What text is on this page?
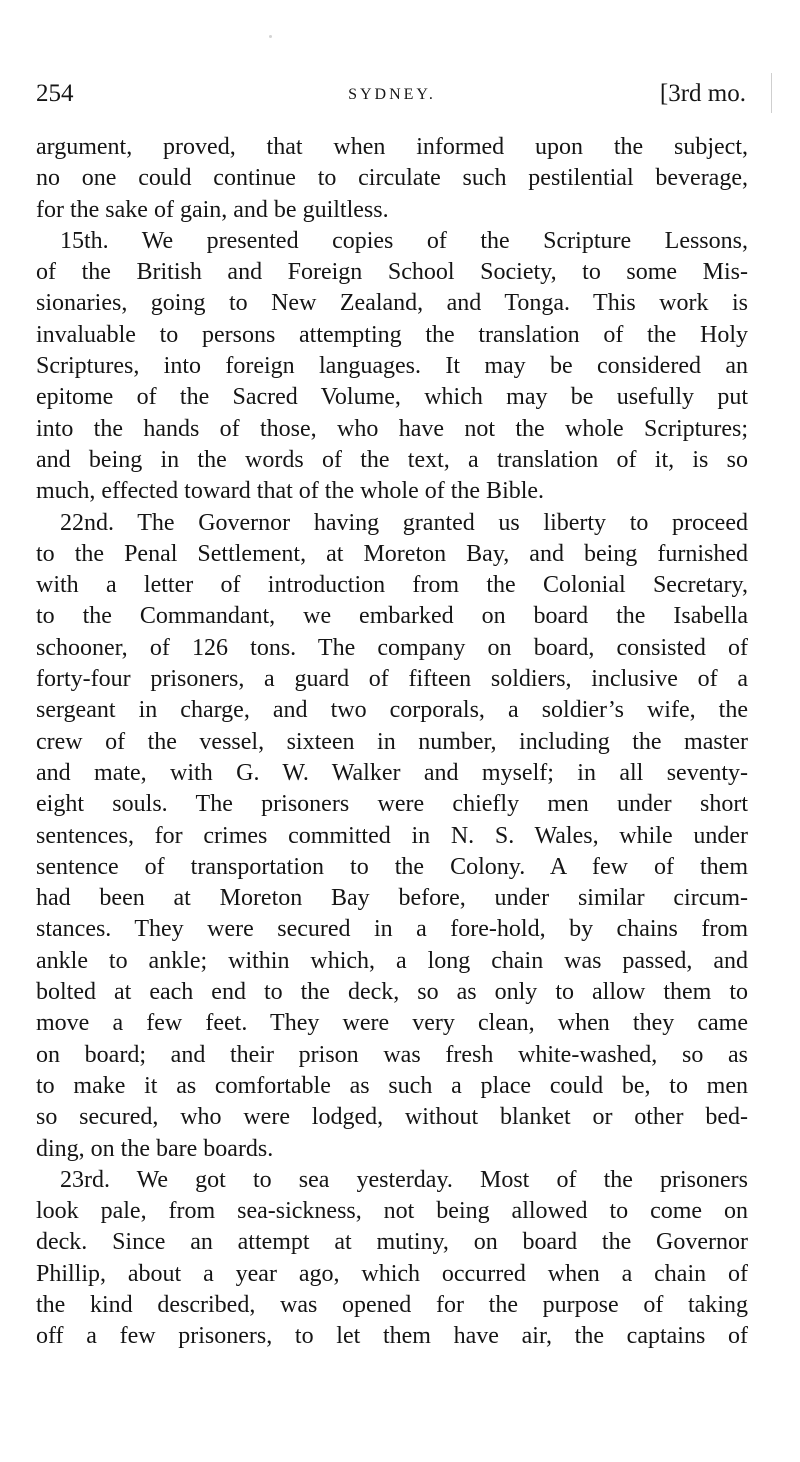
254	SYDNEY.	[3rd mo.
argument, proved, that when informed upon the subject,
no one could continue to circulate such pestilential beverage,
for the sake of gain, and be guiltless.
15th. We presented copies of the Scripture Lessons,
of the British and Foreign School Society, to some Mis-
sionaries, going to New Zealand, and Tonga. This work is
invaluable to persons attempting the translation of the Holy
Scriptures, into foreign languages. It may be considered an
epitome of the Sacred Volume, which may be usefully put
into the hands of those, who have not the whole Scriptures;
and being in the words of the text, a translation of it, is so
much, effected toward that of the whole of the Bible.
22nd. The Governor having granted us liberty to proceed
to the Penal Settlement, at Moreton Bay, and being furnished
with a letter of introduction from the Colonial Secretary,
to the Commandant, we embarked on board the Isabella
schooner, of 126 tons. The company on board, consisted of
forty-four prisoners, a guard of fifteen soldiers, inclusive of a
sergeant in charge, and two corporals, a soldier’s wife, the
crew of the vessel, sixteen in number, including the master
and mate, with G. W. Walker and myself; in all seventy-
eight souls. The prisoners were chiefly men under short
sentences, for crimes committed in N. S. Wales, while under
sentence of transportation to the Colony. A few of them
had been at Moreton Bay before, under similar circum-
stances. They were secured in a fore-hold, by chains from
ankle to ankle; within which, a long chain was passed, and
bolted at each end to the deck, so as only to allow them to
move a few feet. They were very clean, when they came
on board; and their prison was fresh white-washed, so as
to make it as comfortable as such a place could be, to men
so secured, who were lodged, without blanket or other bed-
ding, on the bare boards.
23rd. We got to sea yesterday. Most of the prisoners
look pale, from sea-sickness, not being allowed to come on
deck. Since an attempt at mutiny, on board the Governor
Phillip, about a year ago, which occurred when a chain of
the kind described, was opened for the purpose of taking
off a few prisoners, to let them have air, the captains of
